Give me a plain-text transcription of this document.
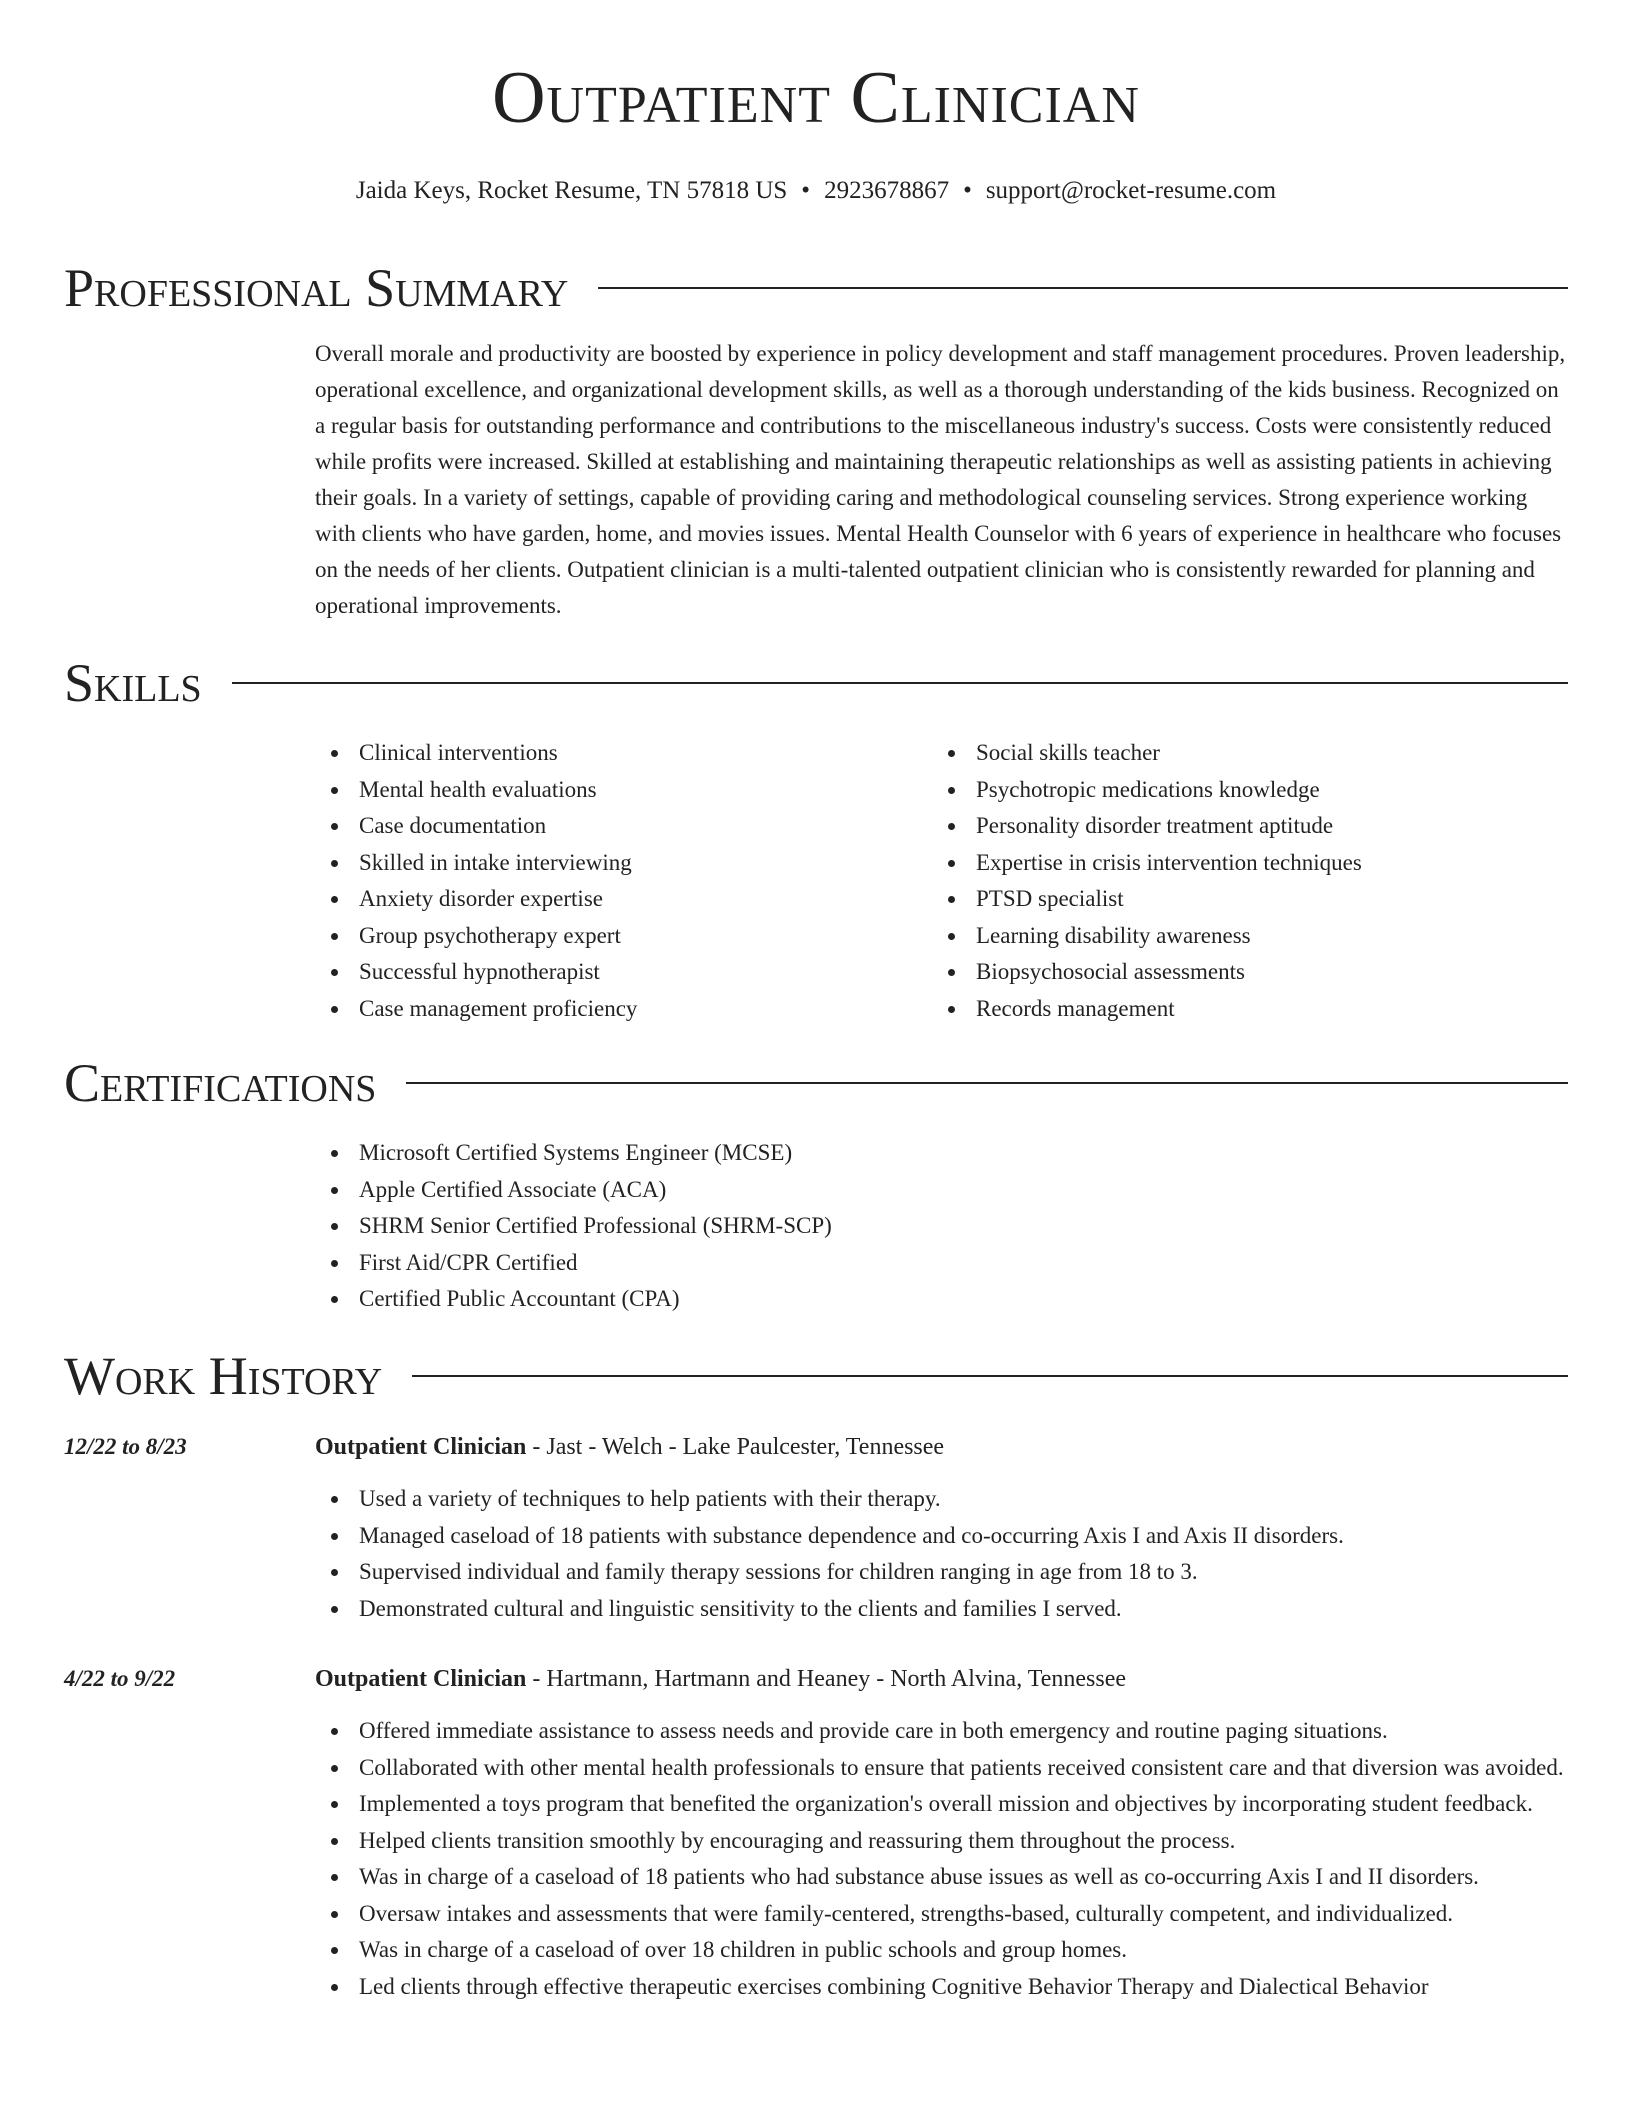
Outpatient Clinician
Jaida Keys, Rocket Resume, TN 57818 US • 2923678867 • support@rocket-resume.com
Professional Summary
Overall morale and productivity are boosted by experience in policy development and staff management procedures. Proven leadership, operational excellence, and organizational development skills, as well as a thorough understanding of the kids business. Recognized on a regular basis for outstanding performance and contributions to the miscellaneous industry's success. Costs were consistently reduced while profits were increased. Skilled at establishing and maintaining therapeutic relationships as well as assisting patients in achieving their goals. In a variety of settings, capable of providing caring and methodological counseling services. Strong experience working with clients who have garden, home, and movies issues. Mental Health Counselor with 6 years of experience in healthcare who focuses on the needs of her clients. Outpatient clinician is a multi-talented outpatient clinician who is consistently rewarded for planning and operational improvements.
Skills
Clinical interventions
Mental health evaluations
Case documentation
Skilled in intake interviewing
Anxiety disorder expertise
Group psychotherapy expert
Successful hypnotherapist
Case management proficiency
Social skills teacher
Psychotropic medications knowledge
Personality disorder treatment aptitude
Expertise in crisis intervention techniques
PTSD specialist
Learning disability awareness
Biopsychosocial assessments
Records management
Certifications
Microsoft Certified Systems Engineer (MCSE)
Apple Certified Associate (ACA)
SHRM Senior Certified Professional (SHRM-SCP)
First Aid/CPR Certified
Certified Public Accountant (CPA)
Work History
12/22 to 8/23	Outpatient Clinician - Jast - Welch - Lake Paulcester, Tennessee
Used a variety of techniques to help patients with their therapy.
Managed caseload of 18 patients with substance dependence and co-occurring Axis I and Axis II disorders.
Supervised individual and family therapy sessions for children ranging in age from 18 to 3.
Demonstrated cultural and linguistic sensitivity to the clients and families I served.
4/22 to 9/22	Outpatient Clinician - Hartmann, Hartmann and Heaney - North Alvina, Tennessee
Offered immediate assistance to assess needs and provide care in both emergency and routine paging situations.
Collaborated with other mental health professionals to ensure that patients received consistent care and that diversion was avoided.
Implemented a toys program that benefited the organization's overall mission and objectives by incorporating student feedback.
Helped clients transition smoothly by encouraging and reassuring them throughout the process.
Was in charge of a caseload of 18 patients who had substance abuse issues as well as co-occurring Axis I and II disorders.
Oversaw intakes and assessments that were family-centered, strengths-based, culturally competent, and individualized.
Was in charge of a caseload of over 18 children in public schools and group homes.
Led clients through effective therapeutic exercises combining Cognitive Behavior Therapy and Dialectical Behavior
